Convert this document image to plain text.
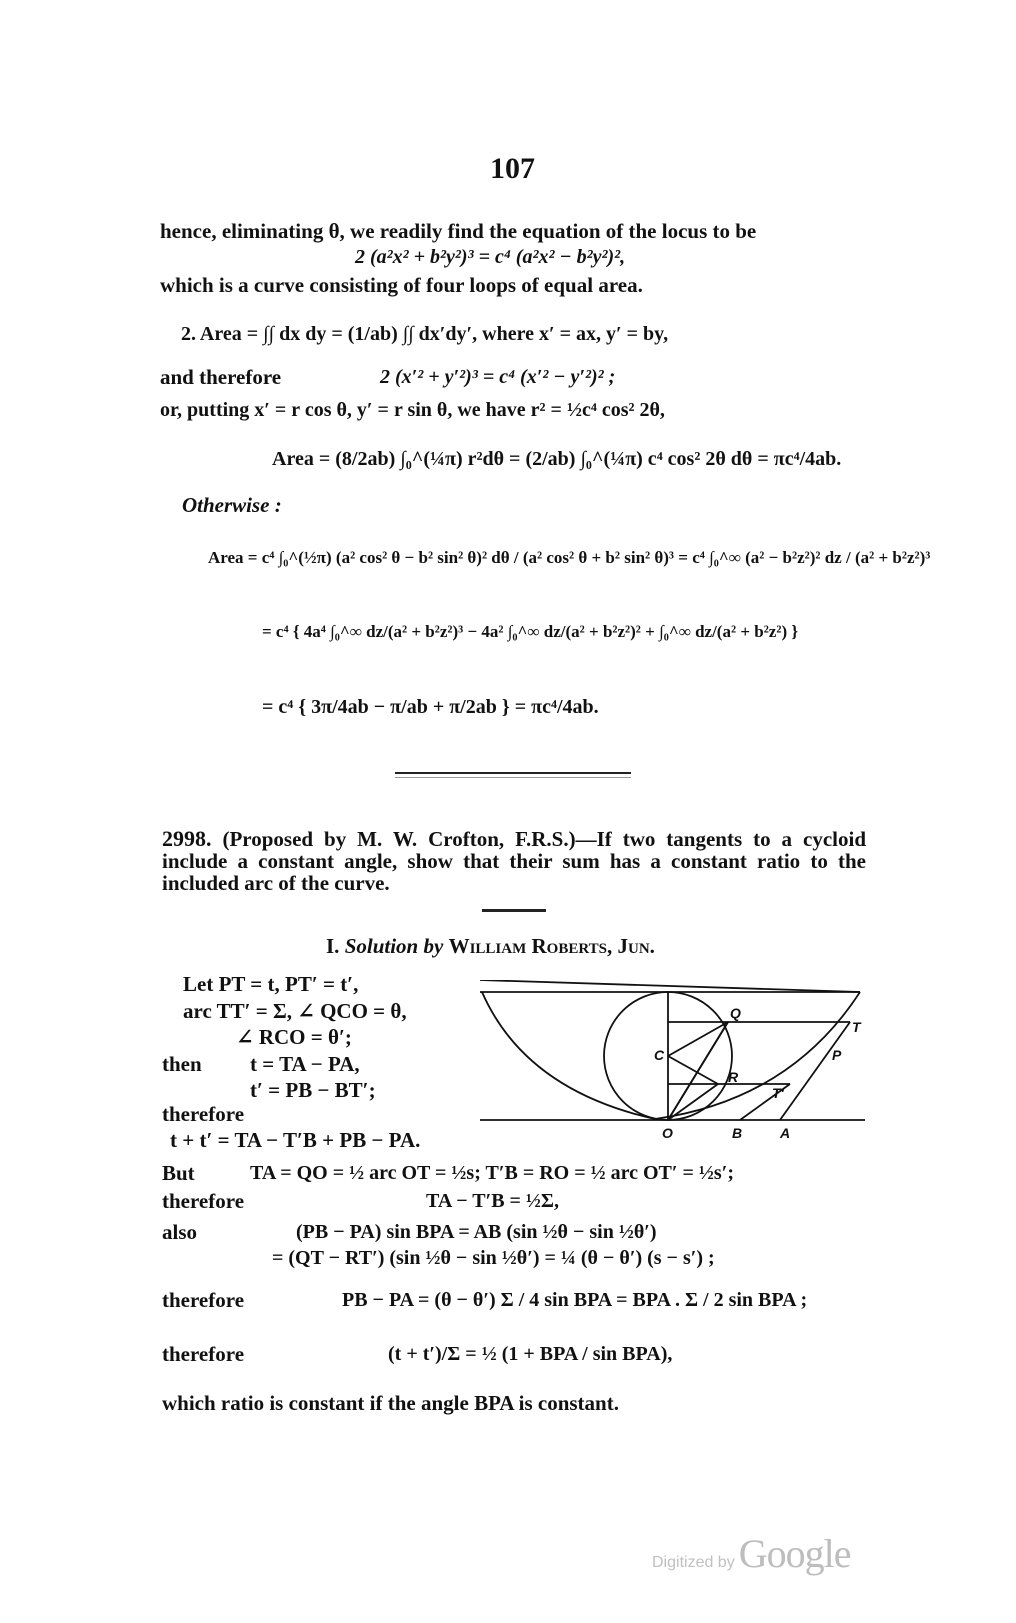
107
hence, eliminating θ, we readily find the equation of the locus to be
2 (a²x² + b²y²)³ = c⁴ (a²x² − b²y²)²,
which is a curve consisting of four loops of equal area.
2. Area = ∫∫ dx dy = (1/ab) ∫∫ dx′dy′, where x′ = ax, y′ = by,
and therefore	2 (x′² + y′²)³ = c⁴ (x′² − y′²)² ;
or, putting x′ = r cos θ, y′ = r sin θ, we have r² = ½c⁴ cos² 2θ,
Area = (8/2ab) ∫₀^(¼π) r²dθ = (2/ab) ∫₀^(¼π) c⁴ cos² 2θ dθ = πc⁴/4ab.
Otherwise :
Area = c⁴ ∫₀^(½π) (a² cos² θ − b² sin² θ)² dθ / (a² cos² θ + b² sin² θ)³ = c⁴ ∫₀^∞ (a² − b²z²)² dz / (a² + b²z²)³
= c⁴ { 4a⁴ ∫₀^∞ dz/(a² + b²z²)³ − 4a² ∫₀^∞ dz/(a² + b²z²)² + ∫₀^∞ dz/(a² + b²z²) }
= c⁴ { 3π/4ab − π/ab + π/2ab } = πc⁴/4ab.
2998. (Proposed by M. W. Crofton, F.R.S.)—If two tangents to a cycloid include a constant angle, show that their sum has a constant ratio to the included arc of the curve.
I. Solution by William Roberts, Jun.
Let PT = t, PT′ = t′,
arc TT′ = Σ, ∠ QCO = θ,
∠ RCO = θ′;
then t = TA − PA,
t′ = PB − BT′;
therefore
t + t′ = TA − T′B + PB − PA.
Q
T
C	P
R
T′
O	B	A
But	TA = QO = ½ arc OT = ½s; T′B = RO = ½ arc OT′ = ½s′;
therefore	TA − T′B = ½Σ,
also	(PB − PA) sin BPA = AB (sin ½θ − sin ½θ′)
= (QT − RT′) (sin ½θ − sin ½θ′) = ¼ (θ − θ′) (s − s′) ;
therefore	PB − PA = (θ − θ′) Σ / 4 sin BPA = BPA . Σ / 2 sin BPA ;
therefore	(t + t′)/Σ = ½ (1 + BPA / sin BPA),
which ratio is constant if the angle BPA is constant.
Digitized by Google
